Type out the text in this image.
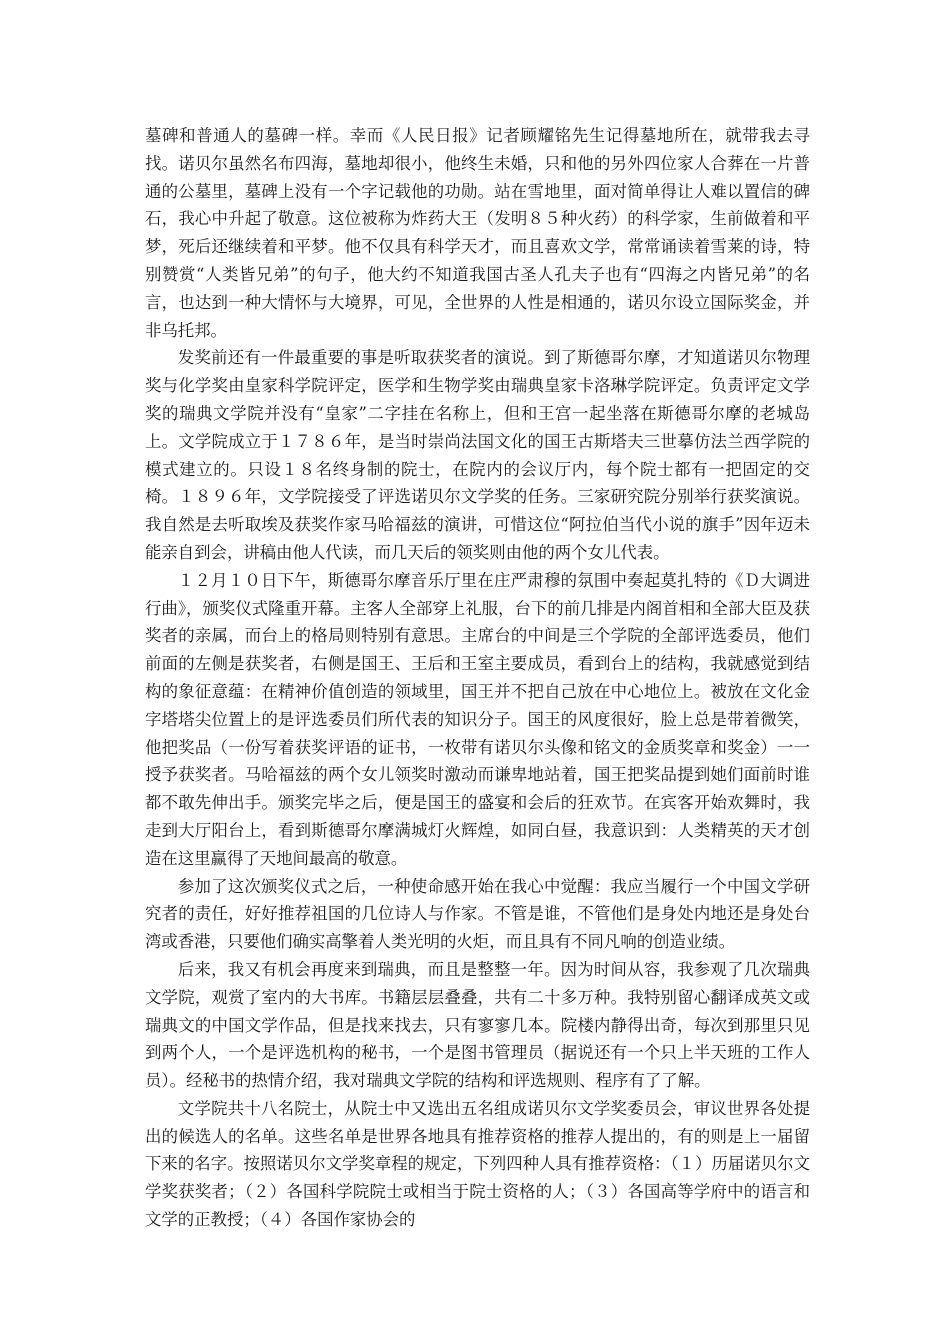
墓碑和普通人的墓碑一样。幸而《人民日报》记者顾耀铭先生记得墓地所在，就带我去寻找。诺贝尔虽然名布四海，墓地却很小，他终生未婚，只和他的另外四位家人合葬在一片普通的公墓里，墓碑上没有一个字记载他的功勋。站在雪地里，面对简单得让人难以置信的碑石，我心中升起了敬意。这位被称为炸药大王（发明８５种火药）的科学家，生前做着和平梦，死后还继续着和平梦。他不仅具有科学天才，而且喜欢文学，常常诵读着雪莱的诗，特别赞赏“人类皆兄弟”的句子，他大约不知道我国古圣人孔夫子也有“四海之内皆兄弟”的名言，也达到一种大情怀与大境界，可见，全世界的人性是相通的，诺贝尔设立国际奖金，并非乌托邦。

发奖前还有一件最重要的事是听取获奖者的演说。到了斯德哥尔摩，才知道诺贝尔物理奖与化学奖由皇家科学院评定，医学和生物学奖由瑞典皇家卡洛琳学院评定。负责评定文学奖的瑞典文学院并没有“皇家”二字挂在名称上，但和王宫一起坐落在斯德哥尔摩的老城岛上。文学院成立于１７８６年，是当时崇尚法国文化的国王古斯塔夫三世摹仿法兰西学院的模式建立的。只设１８名终身制的院士，在院内的会议厅内，每个院士都有一把固定的交椅。１８９６年，文学院接受了评选诺贝尔文学奖的任务。三家研究院分别举行获奖演说。我自然是去听取埃及获奖作家马哈福兹的演讲，可惜这位“阿拉伯当代小说的旗手”因年迈未能亲自到会，讲稿由他人代读，而几天后的领奖则由他的两个女儿代表。

１２月１０日下午，斯德哥尔摩音乐厅里在庄严肃穆的氛围中奏起莫扎特的《Ｄ大调进行曲》，颁奖仪式隆重开幕。主客人全部穿上礼服，台下的前几排是内阁首相和全部大臣及获奖者的亲属，而台上的格局则特别有意思。主席台的中间是三个学院的全部评选委员，他们前面的左侧是获奖者，右侧是国王、王后和王室主要成员，看到台上的结构，我就感觉到结构的象征意蕴：在精神价值创造的领域里，国王并不把自己放在中心地位上。被放在文化金字塔塔尖位置上的是评选委员们所代表的知识分子。国王的风度很好，脸上总是带着微笑，他把奖品（一份写着获奖评语的证书，一枚带有诺贝尔头像和铭文的金质奖章和奖金）一一授予获奖者。马哈福兹的两个女儿领奖时激动而谦卑地站着，国王把奖品提到她们面前时谁都不敢先伸出手。颁奖完毕之后，便是国王的盛宴和会后的狂欢节。在宾客开始欢舞时，我走到大厅阳台上，看到斯德哥尔摩满城灯火辉煌，如同白昼，我意识到：人类精英的天才创造在这里赢得了天地间最高的敬意。

参加了这次颁奖仪式之后，一种使命感开始在我心中觉醒：我应当履行一个中国文学研究者的责任，好好推荐祖国的几位诗人与作家。不管是谁，不管他们是身处内地还是身处台湾或香港，只要他们确实高擎着人类光明的火炬，而且具有不同凡响的创造业绩。

后来，我又有机会再度来到瑞典，而且是整整一年。因为时间从容，我参观了几次瑞典文学院，观赏了室内的大书库。书籍层层叠叠，共有二十多万种。我特别留心翻译成英文或瑞典文的中国文学作品，但是找来找去，只有寥寥几本。院楼内静得出奇，每次到那里只见到两个人，一个是评选机构的秘书，一个是图书管理员（据说还有一个只上半天班的工作人员）。经秘书的热情介绍，我对瑞典文学院的结构和评选规则、程序有了了解。

文学院共十八名院士，从院士中又选出五名组成诺贝尔文学奖委员会，审议世界各处提出的候选人的名单。这些名单是世界各地具有推荐资格的推荐人提出的，有的则是上一届留下来的名字。按照诺贝尔文学奖章程的规定，下列四种人具有推荐资格：（１）历届诺贝尔文学奖获奖者；（２）各国科学院院士或相当于院士资格的人；（３）各国高等学府中的语言和文学的正教授；（４）各国作家协会的
